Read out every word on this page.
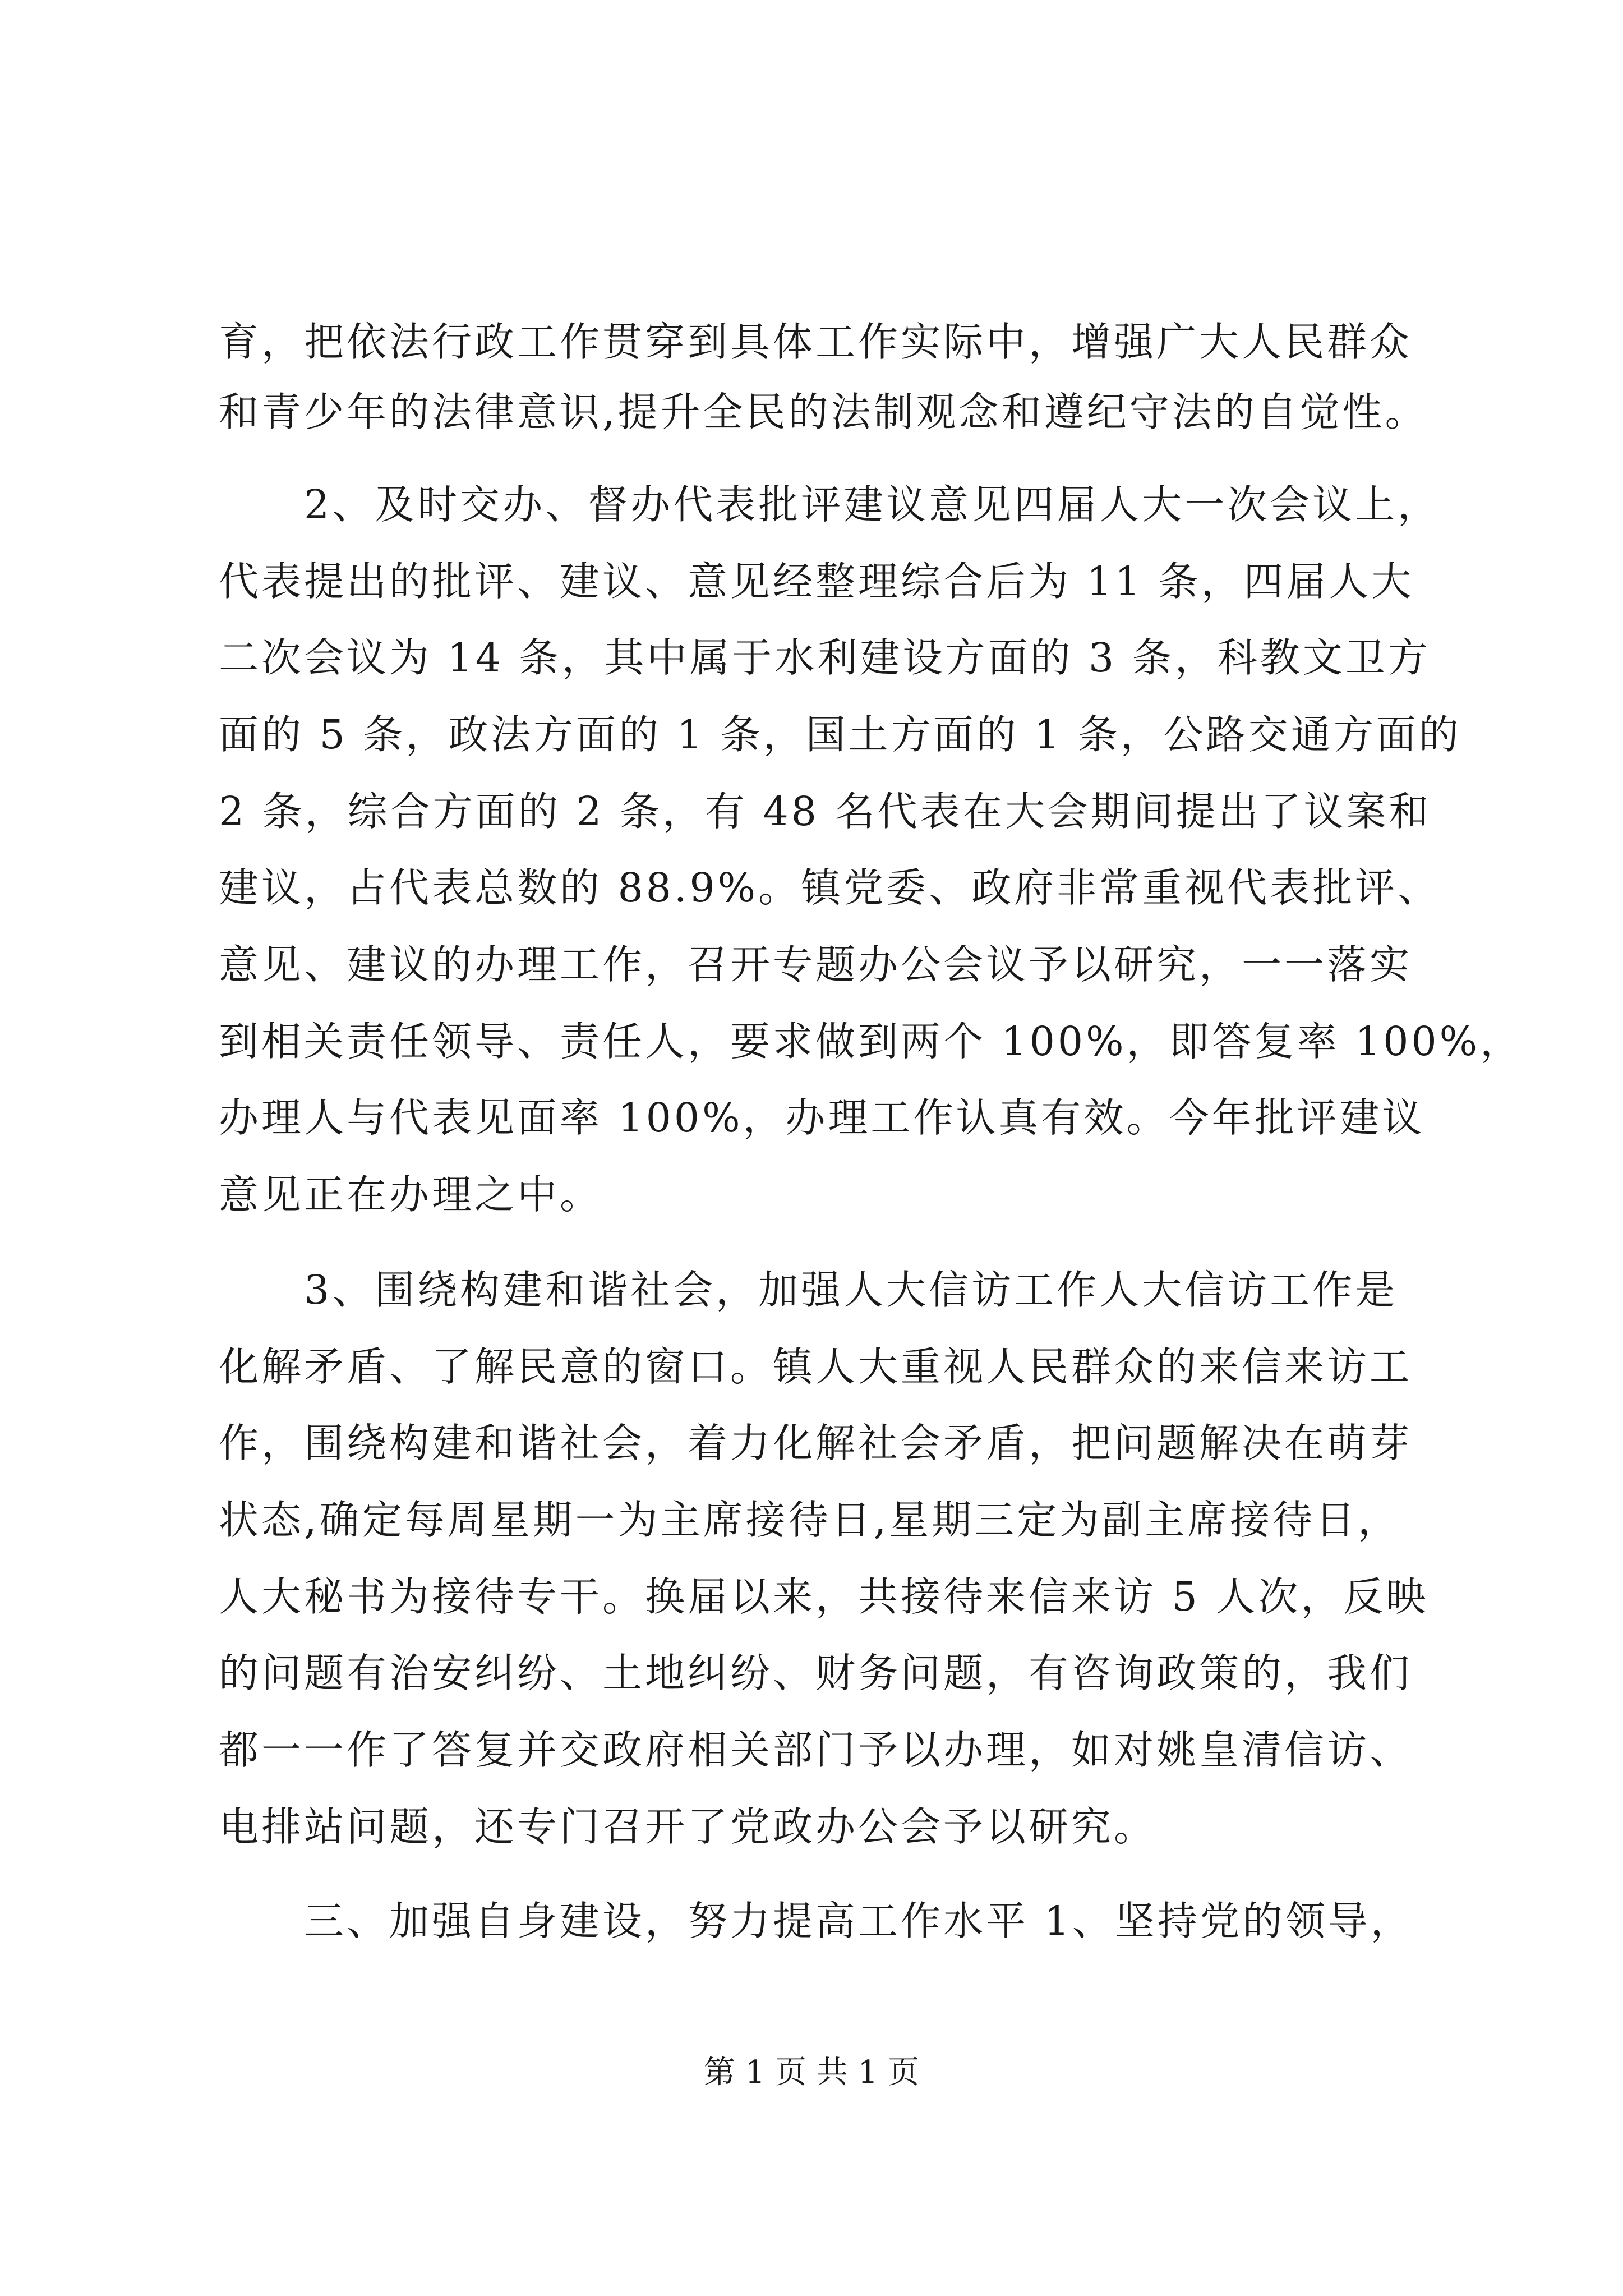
育，把依法行政工作贯穿到具体工作实际中，增强广大人民群众
和青少年的法律意识,提升全民的法制观念和遵纪守法的自觉性。
　　2、及时交办、督办代表批评建议意见四届人大一次会议上，
代表提出的批评、建议、意见经整理综合后为 11 条，四届人大
二次会议为 14 条，其中属于水利建设方面的 3 条，科教文卫方
面的 5 条，政法方面的 1 条，国土方面的 1 条，公路交通方面的
2 条，综合方面的 2 条，有 48 名代表在大会期间提出了议案和
建议，占代表总数的 88.9%。镇党委、政府非常重视代表批评、
意见、建议的办理工作，召开专题办公会议予以研究，一一落实
到相关责任领导、责任人，要求做到两个 100%，即答复率 100%，
办理人与代表见面率 100%，办理工作认真有效。今年批评建议
意见正在办理之中。
　　3、围绕构建和谐社会，加强人大信访工作人大信访工作是
化解矛盾、了解民意的窗口。镇人大重视人民群众的来信来访工
作，围绕构建和谐社会，着力化解社会矛盾，把问题解决在萌芽
状态,确定每周星期一为主席接待日,星期三定为副主席接待日，
人大秘书为接待专干。换届以来，共接待来信来访 5 人次，反映
的问题有治安纠纷、土地纠纷、财务问题，有咨询政策的，我们
都一一作了答复并交政府相关部门予以办理，如对姚皇清信访、
电排站问题，还专门召开了党政办公会予以研究。
　　三、加强自身建设，努力提高工作水平 1、坚持党的领导，
第 1 页 共 1 页
